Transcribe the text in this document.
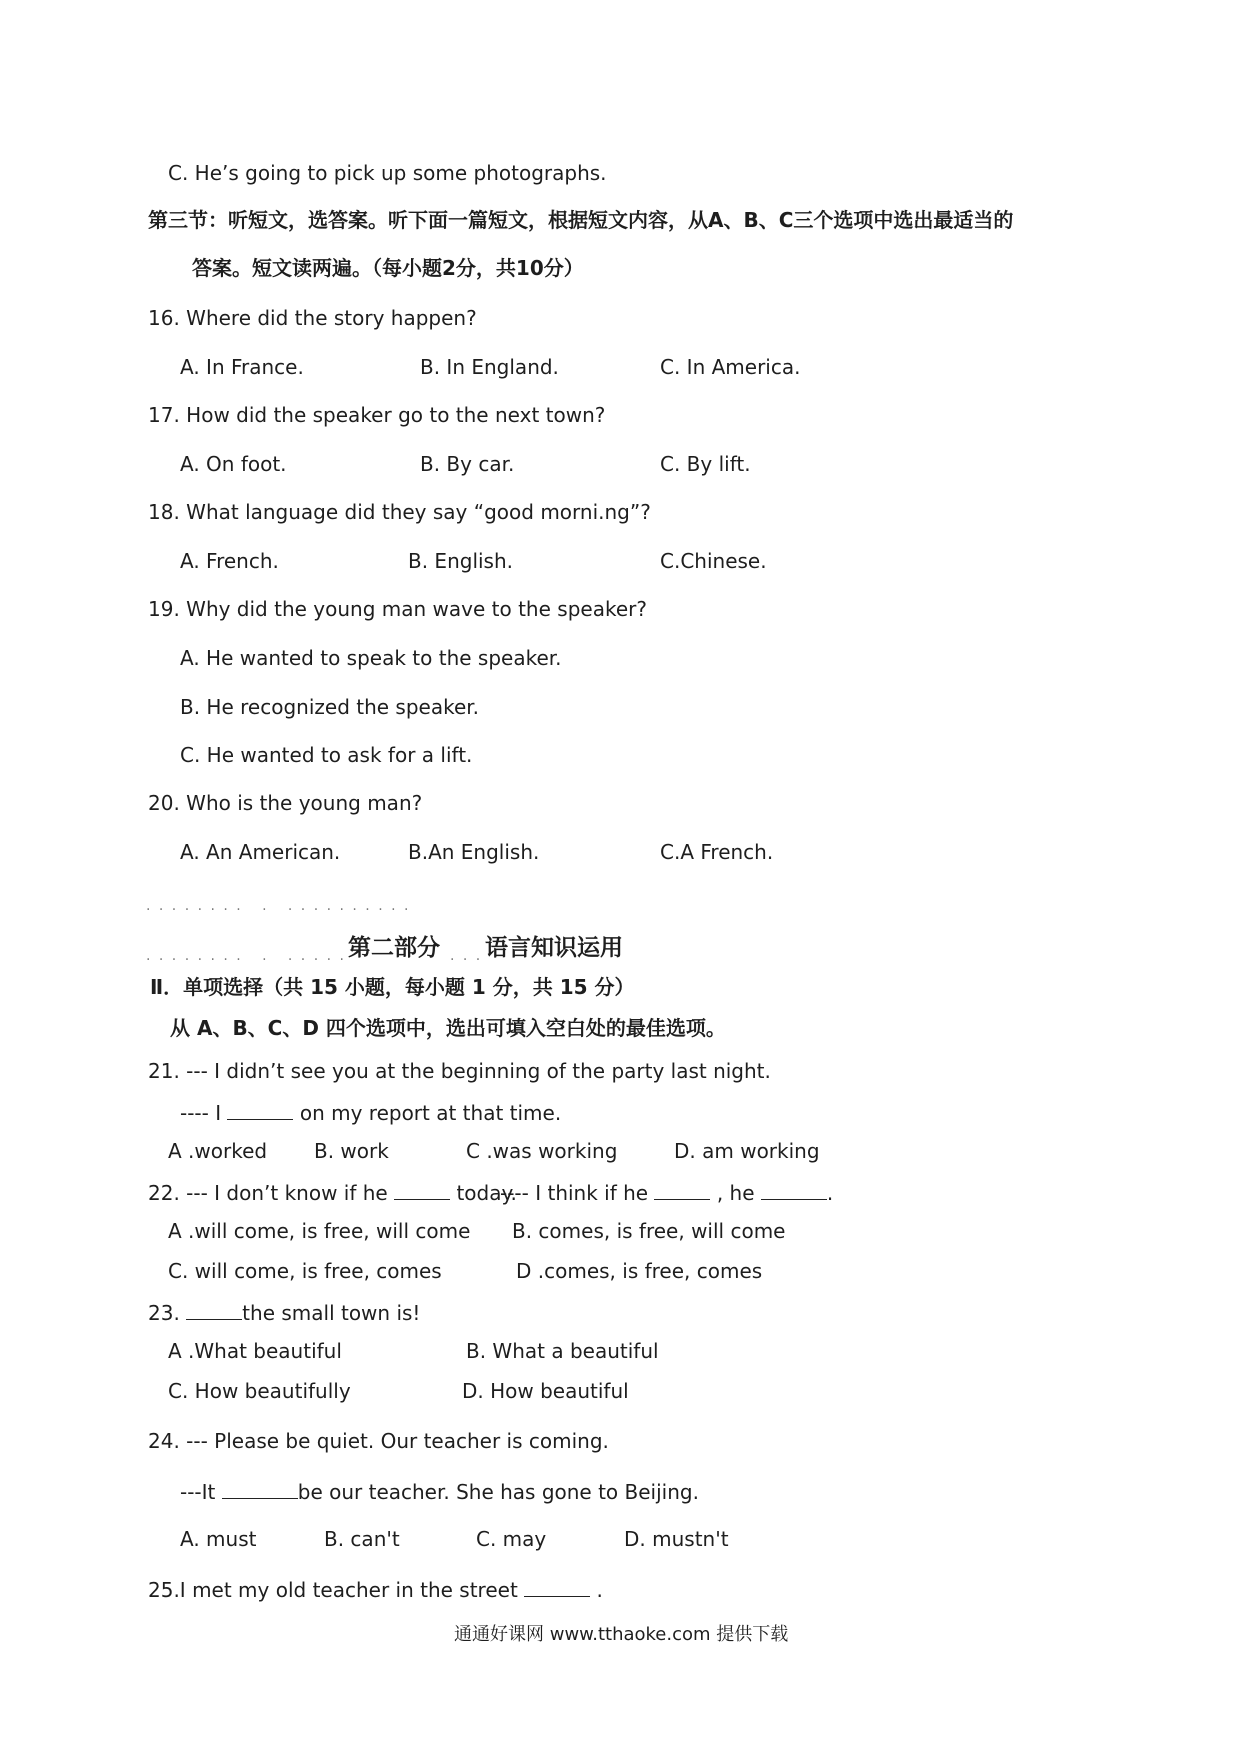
C. He’s going to pick up some photographs.
第三节：听短文，选答案。听下面一篇短文，根据短文内容，从A、B、C三个选项中选出最适当的
答案。短文读两遍。（每小题2分，共10分）
16. Where did the story happen?
A. In France.	B. In England.	C. In America.
17. How did the speaker go to the next town?
A. On foot.	B. By car.	C. By lift.
18. What language did they say “good morni.ng”?
A. French.	B. English.	C.Chinese.
19. Why did the young man wave to the speaker?
A. He wanted to speak to the speaker.
B. He recognized the speaker.
C. He wanted to ask for a lift.
20. Who is the young man?
A. An American.	B.An English.	C.A French.
. . . . . . . .   .   . . . . . . . . . .
. . . . . . . .   .   . . . . . 第二部分 . . . 语言知识运用
Ⅱ．单项选择（共 15 小题，每小题 1 分，共 15 分）
从 A、B、C、D 四个选项中，选出可填入空白处的最佳选项。
21. --- I didn’t see you at the beginning of the party last night.
---- I	on my report at that time.
A .worked B. work	C .was working	D. am working
22. --- I don’t know if he	today.
---- I think if he	, he	.
A .will come, is free, will come B. comes, is free, will come
C. will come, is free, comes	D .comes, is free, comes
23.	the small town is!
A .What beautiful	B. What a beautiful
C. How beautifully	D. How beautiful
24. --- Please be quiet. Our teacher is coming.
---It	be our teacher. She has gone to Beijing.
A. must	B. can't	C. may	D. mustn't
25.I met my old teacher in the street	.
通通好课网 www.tthaoke.com 提供下载
